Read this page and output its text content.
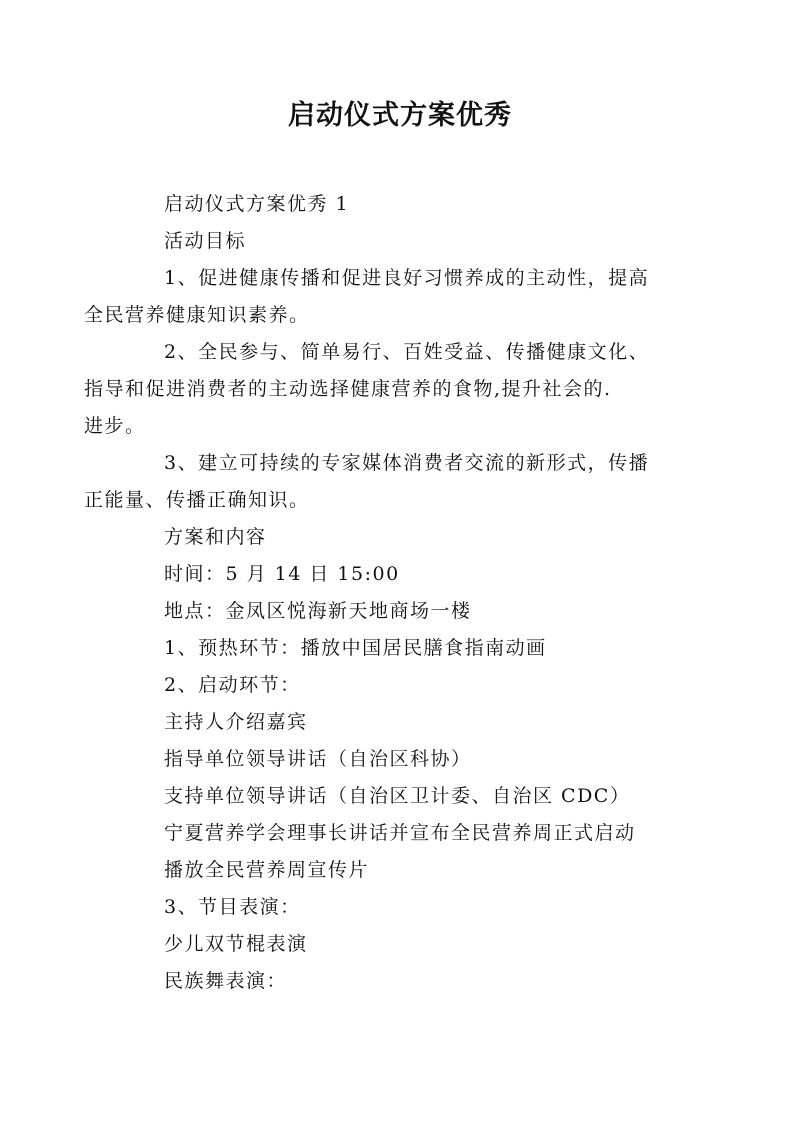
启动仪式方案优秀

启动仪式方案优秀 1

活动目标

1、促进健康传播和促进良好习惯养成的主动性，提高
全民营养健康知识素养。

2、全民参与、简单易行、百姓受益、传播健康文化、
指导和促进消费者的主动选择健康营养的食物,提升社会的.
进步。

3、建立可持续的专家媒体消费者交流的新形式，传播
正能量、传播正确知识。

方案和内容

时间：5 月 14 日 15:00

地点：金凤区悦海新天地商场一楼

1、预热环节：播放中国居民膳食指南动画

2、启动环节：

主持人介绍嘉宾

指导单位领导讲话（自治区科协）

支持单位领导讲话（自治区卫计委、自治区 CDC）

宁夏营养学会理事长讲话并宣布全民营养周正式启动

播放全民营养周宣传片

3、节目表演：

少儿双节棍表演

民族舞表演：
